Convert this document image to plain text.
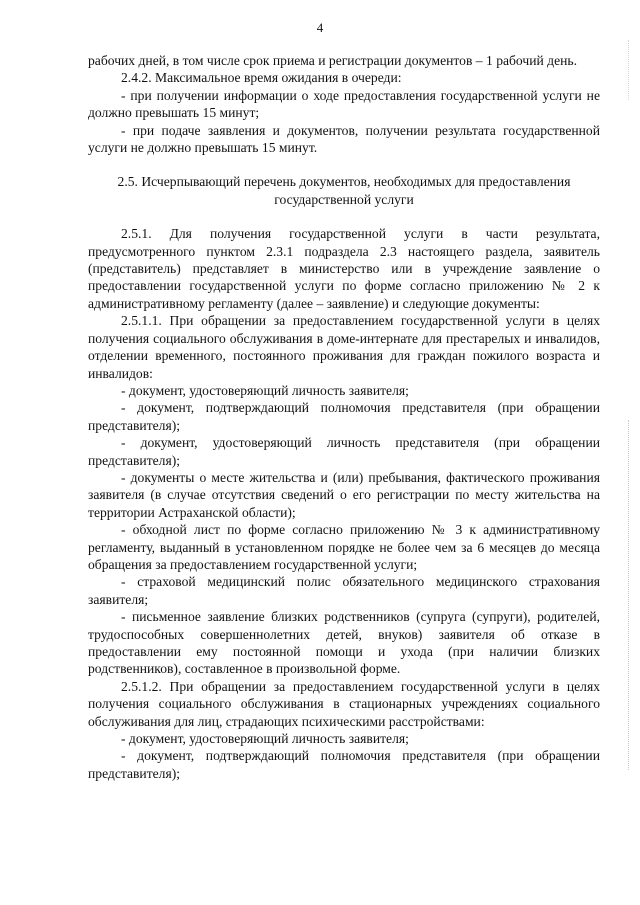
4

рабочих дней, в том числе срок приема и регистрации документов – 1 рабочий день.

2.4.2. Максимальное время ожидания в очереди:

- при получении информации о ходе предоставления государственной услуги не должно превышать 15 минут;

- при подаче заявления и документов, получении результата государственной услуги не должно превышать 15 минут.

2.5. Исчерпывающий перечень документов, необходимых для предоставления государственной услуги

2.5.1. Для получения государственной услуги в части результата, предусмотренного пунктом 2.3.1 подраздела 2.3 настоящего раздела, заявитель (представитель) представляет в министерство или в учреждение заявление о предоставлении государственной услуги по форме согласно приложению № 2 к административному регламенту (далее – заявление) и следующие документы:

2.5.1.1. При обращении за предоставлением государственной услуги в целях получения социального обслуживания в доме-интернате для престарелых и инвалидов, отделении временного, постоянного проживания для граждан пожилого возраста и инвалидов:

- документ, удостоверяющий личность заявителя;

- документ, подтверждающий полномочия представителя (при обращении представителя);

- документ, удостоверяющий личность представителя (при обращении представителя);

- документы о месте жительства и (или) пребывания, фактического проживания заявителя (в случае отсутствия сведений о его регистрации по месту жительства на территории Астраханской области);

- обходной лист по форме согласно приложению № 3 к административному регламенту, выданный в установленном порядке не более чем за 6 месяцев до месяца обращения за предоставлением государственной услуги;

- страховой медицинский полис обязательного медицинского страхования заявителя;

- письменное заявление близких родственников (супруга (супруги), родителей, трудоспособных совершеннолетних детей, внуков) заявителя об отказе в предоставлении ему постоянной помощи и ухода (при наличии близких родственников), составленное в произвольной форме.

2.5.1.2. При обращении за предоставлением государственной услуги в целях получения социального обслуживания в стационарных учреждениях социального обслуживания для лиц, страдающих психическими расстройствами:

- документ, удостоверяющий личность заявителя;

- документ, подтверждающий полномочия представителя (при обращении представителя);
